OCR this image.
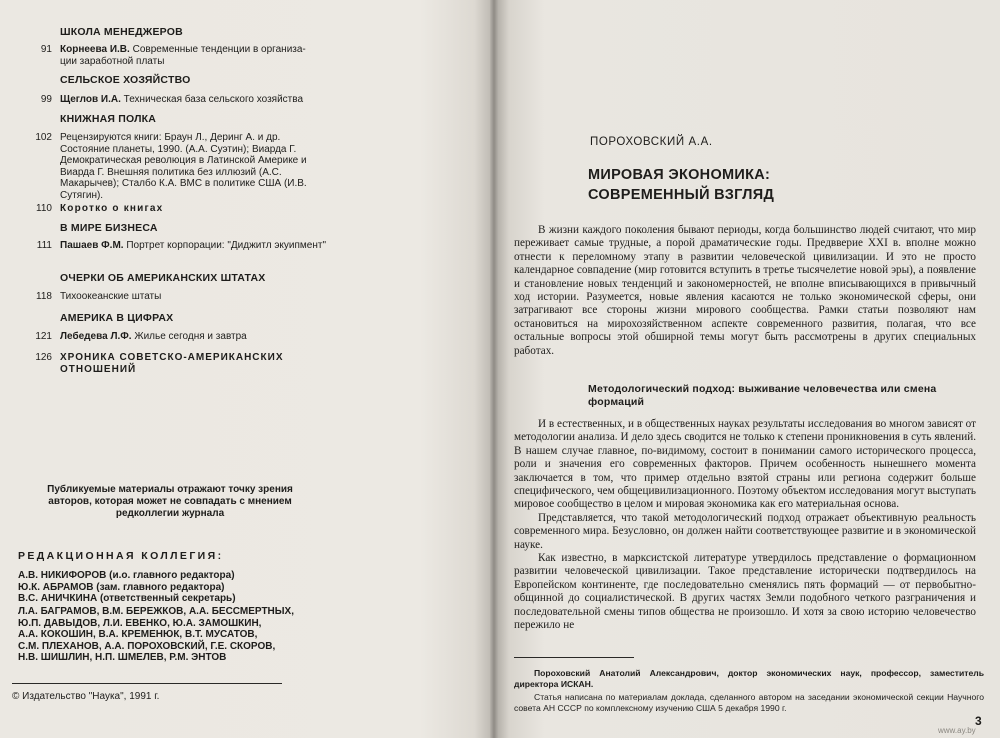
ШКОЛА МЕНЕДЖЕРОВ
91 Корнеева И.В. Современные тенденции в организа-
ции заработной платы
СЕЛЬСКОЕ ХОЗЯЙСТВО
99 Щеглов И.А. Техническая база сельского хозяйства
КНИЖНАЯ ПОЛКА
102 Рецензируются книги: Браун Л., Деринг А. и др. Состояние планеты, 1990. (А.А. Суэтин); Виарда Г. Демократическая революция в Латинской Америке и Виарда Г. Внешняя политика без иллюзий (А.С. Макарычев); Сталбо К.А. ВМС в политике США (И.В. Сутягин).
110 Коротко о книгах
В МИРЕ БИЗНЕСА
111 Пашаев Ф.М. Портрет корпорации: "Диджитл экуипмент"
ОЧЕРКИ ОБ АМЕРИКАНСКИХ ШТАТАХ
118 Тихоокеанские штаты
АМЕРИКА В ЦИФРАХ
121 Лебедева Л.Ф. Жилье сегодня и завтра
126 ХРОНИКА СОВЕТСКО-АМЕРИКАНСКИХ ОТНОШЕНИЙ
Публикуемые материалы отражают точку зрения авторов, которая может не совпадать с мнением редколлегии журнала
РЕДАКЦИОННАЯ КОЛЛЕГИЯ:
А.В. НИКИФОРОВ (и.о. главного редактора)
Ю.К. АБРАМОВ (зам. главного редактора)
В.С. АНИЧКИНА (ответственный секретарь)
Л.А. БАГРАМОВ, В.М. БЕРЕЖКОВ, А.А. БЕССМЕРТНЫХ,
Ю.П. ДАВЫДОВ, Л.И. ЕВЕНКО, Ю.А. ЗАМОШКИН,
А.А. КОКОШИН, В.А. КРЕМЕНЮК, В.Т. МУСАТОВ,
С.М. ПЛЕХАНОВ, А.А. ПОРОХОВСКИЙ, Г.Е. СКОРОВ,
Н.В. ШИШЛИН, Н.П. ШМЕЛЕВ, Р.М. ЭНТОВ
© Издательство "Наука", 1991 г.
ПОРОХОВСКИЙ А.А.
МИРОВАЯ ЭКОНОМИКА:
СОВРЕМЕННЫЙ ВЗГЛЯД

В жизни каждого поколения бывают периоды, когда большинство людей считают, что мир переживает самые трудные, а порой драматические годы. Предвверие XXI в. вполне можно отнести к переломному этапу в развитии человеческой цивилизации. И это не просто календарное совпадение (мир готовится вступить в третье тысячелетие новой эры), а появление и становление новых тенденций и закономерностей, не вполне вписывающихся в привычный ход истории. Разумеется, новые явления касаются не только экономической сферы, они затрагивают все стороны жизни мирового сообщества. Рамки статьи позволяют нам остановиться на мирохозяйственном аспекте современного развития, полагая, что все остальные вопросы этой обширной темы могут быть рассмотрены в других специальных работах.

Методологический подход: выживание человечества или смена формаций

И в естественных, и в общественных науках результаты исследования во многом зависят от методологии анализа. И дело здесь сводится не только к степени проникновения в суть явлений. В нашем случае главное, по-видимому, состоит в понимании самого исторического процесса, роли и значения его современных факторов. Причем особенность нынешнего момента заключается в том, что пример отдельно взятой страны или региона содержит больше специфического, чем общецивилизационного. Поэтому объектом исследования могут выступать мировое сообщество в целом и мировая экономика как его материальная основа.

Представляется, что такой методологический подход отражает объективную реальность современного мира. Безусловно, он должен найти соответствующее развитие и в экономической науке.

Как известно, в марксистской литературе утвердилось представление о формационном развитии человеческой цивилизации. Такое представление исторически подтвердилось на Европейском континенте, где последовательно сменялись пять формаций — от первобытно-общинной до социалистической. В других частях Земли подобного четкого разграничения и последовательной смены типов общества не произошло. И хотя за свою историю человечество пережило не

Пороховский Анатолий Александрович, доктор экономических наук, профессор, заместитель директора ИСКАН.

Статья написана по материалам доклада, сделанного автором на заседании экономической секции Научного совета АН СССР по комплексному изучению США 5 декабря 1990 г.

3
www.ay.by
